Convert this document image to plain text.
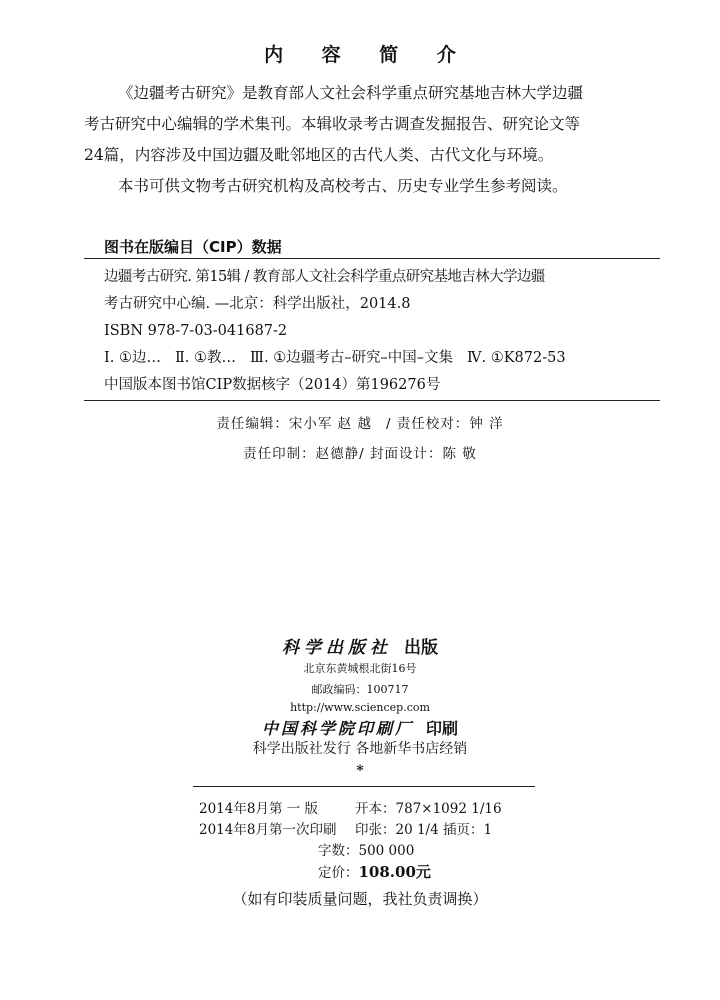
内 容 简 介
《边疆考古研究》是教育部人文社会科学重点研究基地吉林大学边疆
考古研究中心编辑的学术集刊。本辑收录考古调查发掘报告、研究论文等
24篇，内容涉及中国边疆及毗邻地区的古代人类、古代文化与环境。
本书可供文物考古研究机构及高校考古、历史专业学生参考阅读。
图书在版编目（CIP）数据
边疆考古研究. 第15辑 / 教育部人文社会科学重点研究基地吉林大学边疆
考古研究中心编. —北京：科学出版社，2014.8
ISBN 978-7-03-041687-2
Ⅰ. ①边… Ⅱ. ①教… Ⅲ. ①边疆考古–研究–中国–文集 Ⅳ. ①K872-53
中国版本图书馆CIP数据核字（2014）第196276号
责任编辑：宋小军 赵 越 / 责任校对：钟 洋
责任印制：赵德静/ 封面设计：陈 敬
科学出版社 出版
北京东黄城根北街16号
邮政编码：100717
http://www.sciencep.com
中国科学院印刷厂 印刷
科学出版社发行 各地新华书店经销
*
2014年8月第 一 版	开本：787×1092 1/16
2014年8月第一次印刷 印张：20 1/4 插页：1
字数：500 000
定价：108.00元
（如有印装质量问题，我社负责调换）
